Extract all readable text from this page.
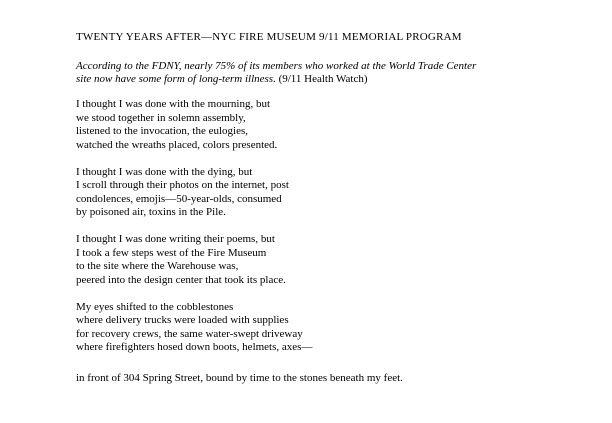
TWENTY YEARS AFTER—NYC FIRE MUSEUM 9/11 MEMORIAL PROGRAM

According to the FDNY, nearly 75% of its members who worked at the World Trade Center
site now have some form of long-term illness. (9/11 Health Watch)

I thought I was done with the mourning, but
we stood together in solemn assembly,
listened to the invocation, the eulogies,
watched the wreaths placed, colors presented.

I thought I was done with the dying, but
I scroll through their photos on the internet, post
condolences, emojis—50-year-olds, consumed
by poisoned air, toxins in the Pile.

I thought I was done writing their poems, but
I took a few steps west of the Fire Museum
to the site where the Warehouse was,
peered into the design center that took its place.

My eyes shifted to the cobblestones
where delivery trucks were loaded with supplies
for recovery crews, the same water-swept driveway
where firefighters hosed down boots, helmets, axes—

in front of 304 Spring Street, bound by time to the stones beneath my feet.
